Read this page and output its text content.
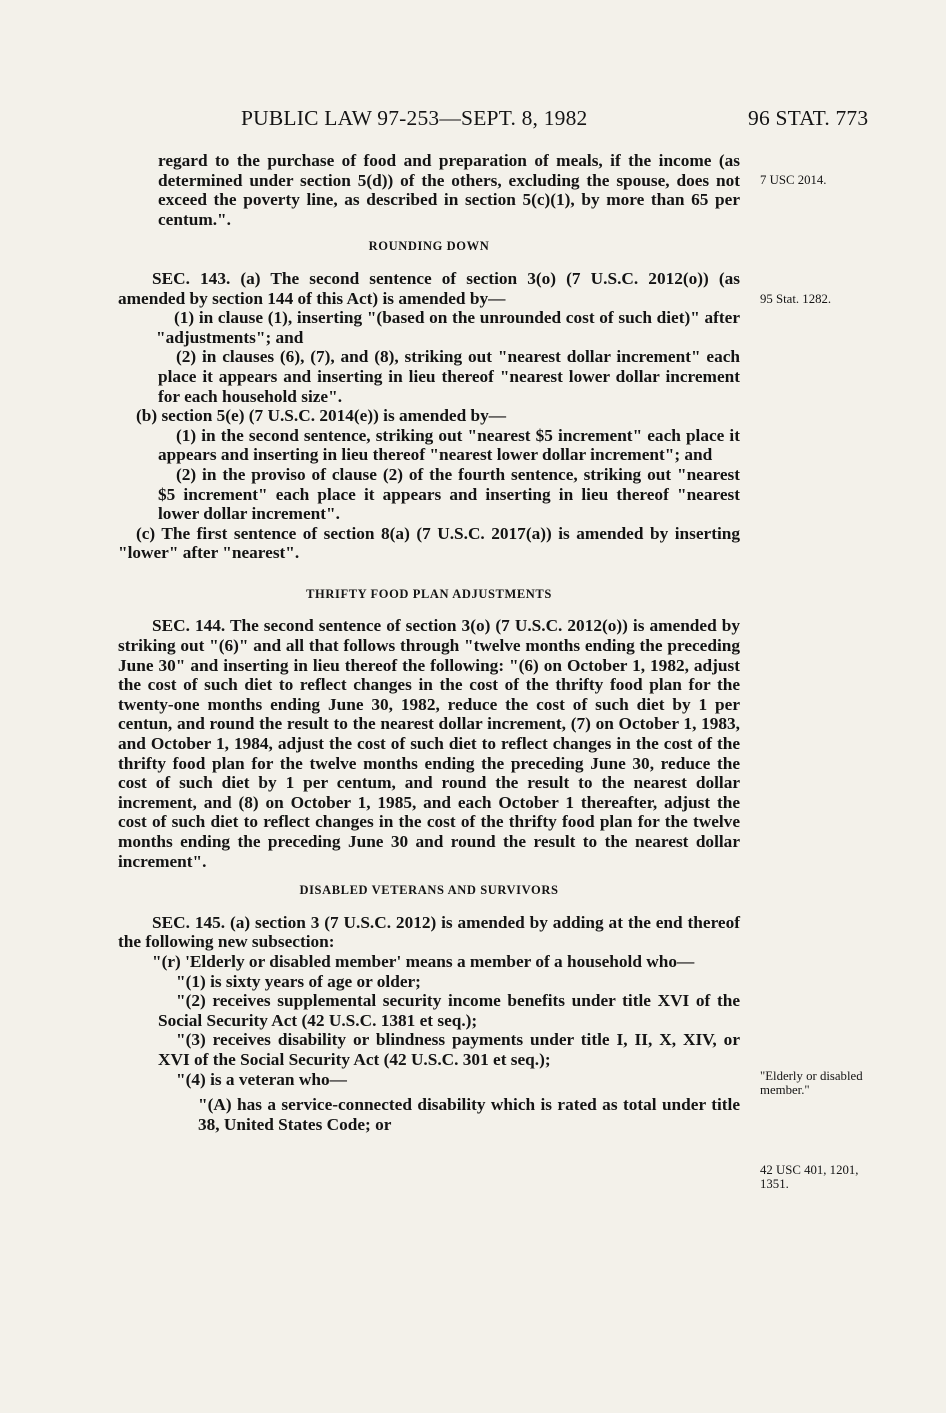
PUBLIC LAW 97-253—SEPT. 8, 1982	96 STAT. 773
7 USC 2014.
95 Stat. 1282.
"Elderly or disabled member."
42 USC 401, 1201, 1351.

regard to the purchase of food and preparation of meals, if the income (as determined under section 5(d)) of the others, excluding the spouse, does not exceed the poverty line, as described in section 5(c)(1), by more than 65 per centum.".

ROUNDING DOWN

SEC. 143. (a) The second sentence of section 3(o) (7 U.S.C. 2012(o)) (as amended by section 144 of this Act) is amended by—

(1) in clause (1), inserting "(based on the unrounded cost of such diet)" after "adjustments"; and

(2) in clauses (6), (7), and (8), striking out "nearest dollar increment" each place it appears and inserting in lieu thereof "nearest lower dollar increment for each household size".

(b) section 5(e) (7 U.S.C. 2014(e)) is amended by—

(1) in the second sentence, striking out "nearest $5 increment" each place it appears and inserting in lieu thereof "nearest lower dollar increment"; and

(2) in the proviso of clause (2) of the fourth sentence, striking out "nearest $5 increment" each place it appears and inserting in lieu thereof "nearest lower dollar increment".

(c) The first sentence of section 8(a) (7 U.S.C. 2017(a)) is amended by inserting "lower" after "nearest".

THRIFTY FOOD PLAN ADJUSTMENTS

SEC. 144. The second sentence of section 3(o) (7 U.S.C. 2012(o)) is amended by striking out "(6)" and all that follows through "twelve months ending the preceding June 30" and inserting in lieu thereof the following: "(6) on October 1, 1982, adjust the cost of such diet to reflect changes in the cost of the thrifty food plan for the twenty-one months ending June 30, 1982, reduce the cost of such diet by 1 per centun, and round the result to the nearest dollar increment, (7) on October 1, 1983, and October 1, 1984, adjust the cost of such diet to reflect changes in the cost of the thrifty food plan for the twelve months ending the preceding June 30, reduce the cost of such diet by 1 per centum, and round the result to the nearest dollar increment, and (8) on October 1, 1985, and each October 1 thereafter, adjust the cost of such diet to reflect changes in the cost of the thrifty food plan for the twelve months ending the preceding June 30 and round the result to the nearest dollar increment".

DISABLED VETERANS AND SURVIVORS

SEC. 145. (a) section 3 (7 U.S.C. 2012) is amended by adding at the end thereof the following new subsection:

"(r) 'Elderly or disabled member' means a member of a household who—

"(1) is sixty years of age or older;

"(2) receives supplemental security income benefits under title XVI of the Social Security Act (42 U.S.C. 1381 et seq.);

"(3) receives disability or blindness payments under title I, II, X, XIV, or XVI of the Social Security Act (42 U.S.C. 301 et seq.);

"(4) is a veteran who—

"(A) has a service-connected disability which is rated as total under title 38, United States Code; or
